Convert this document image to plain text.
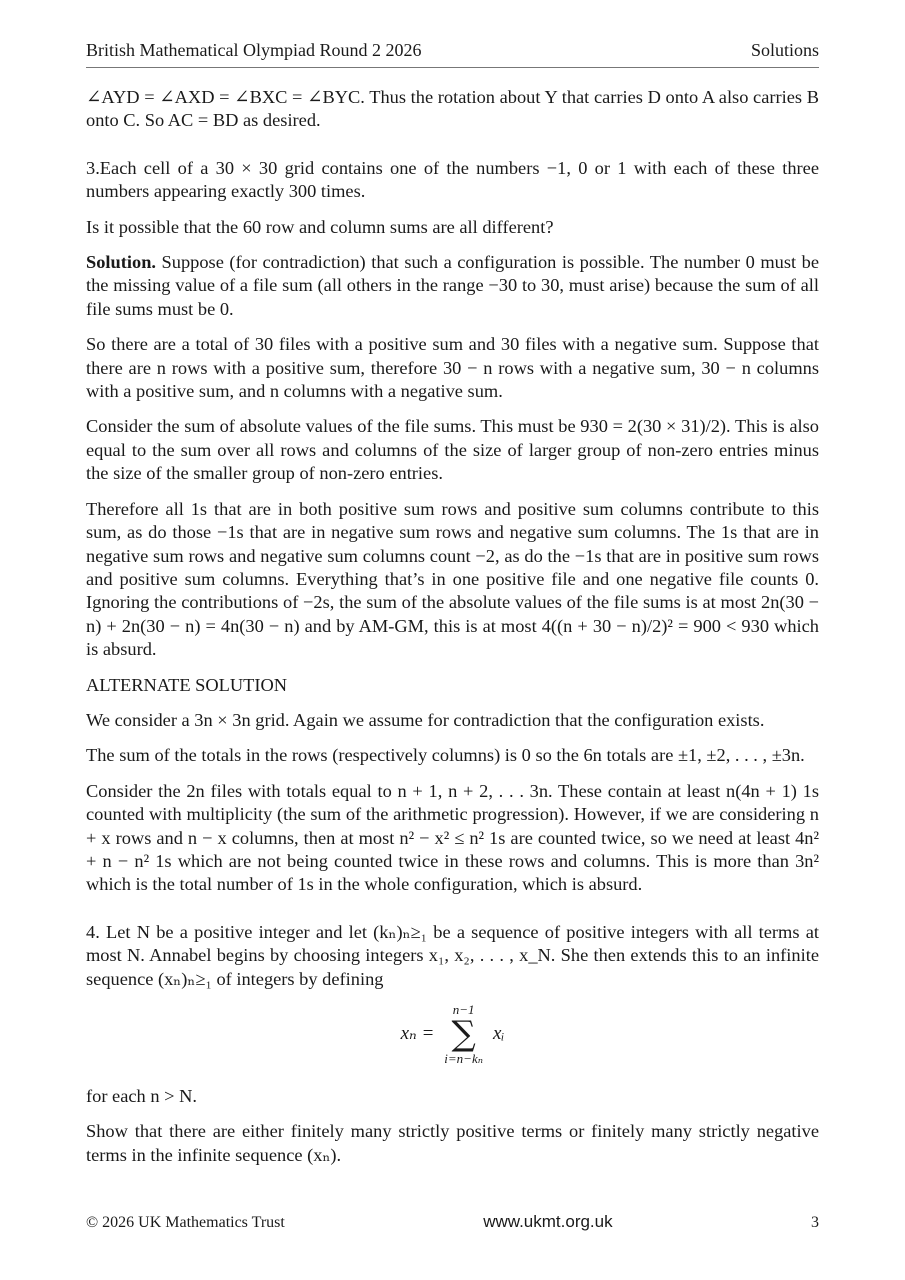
British Mathematical Olympiad Round 2 2026	Solutions

∠AYD = ∠AXD = ∠BXC = ∠BYC. Thus the rotation about Y that carries D onto A also carries B onto C. So AC = BD as desired.

3.Each cell of a 30 × 30 grid contains one of the numbers −1, 0 or 1 with each of these three numbers appearing exactly 300 times.

Is it possible that the 60 row and column sums are all different?

Solution. Suppose (for contradiction) that such a configuration is possible. The number 0 must be the missing value of a file sum (all others in the range −30 to 30, must arise) because the sum of all file sums must be 0.

So there are a total of 30 files with a positive sum and 30 files with a negative sum. Suppose that there are n rows with a positive sum, therefore 30 − n rows with a negative sum, 30 − n columns with a positive sum, and n columns with a negative sum.

Consider the sum of absolute values of the file sums. This must be 930 = 2(30 × 31)/2). This is also equal to the sum over all rows and columns of the size of larger group of non-zero entries minus the size of the smaller group of non-zero entries.

Therefore all 1s that are in both positive sum rows and positive sum columns contribute to this sum, as do those −1s that are in negative sum rows and negative sum columns. The 1s that are in negative sum rows and negative sum columns count −2, as do the −1s that are in positive sum rows and positive sum columns. Everything that’s in one positive file and one negative file counts 0. Ignoring the contributions of −2s, the sum of the absolute values of the file sums is at most 2n(30 − n) + 2n(30 − n) = 4n(30 − n) and by AM-GM, this is at most 4((n + 30 − n)/2)² = 900 < 930 which is absurd.

ALTERNATE SOLUTION

We consider a 3n × 3n grid. Again we assume for contradiction that the configuration exists.

The sum of the totals in the rows (respectively columns) is 0 so the 6n totals are ±1, ±2, . . . , ±3n.

Consider the 2n files with totals equal to n + 1, n + 2, . . . 3n. These contain at least n(4n + 1) 1s counted with multiplicity (the sum of the arithmetic progression). However, if we are considering n + x rows and n − x columns, then at most n² − x² ≤ n² 1s are counted twice, so we need at least 4n² + n − n² 1s which are not being counted twice in these rows and columns. This is more than 3n² which is the total number of 1s in the whole configuration, which is absurd.

4. Let N be a positive integer and let (kₙ)ₙ≥₁ be a sequence of positive integers with all terms at most N. Annabel begins by choosing integers x₁, x₂, . . . , x_N. She then extends this to an infinite sequence (xₙ)ₙ≥₁ of integers by defining

xₙ =
n−1
∑
i=n−kₙ
xᵢ

for each n > N.

Show that there are either finitely many strictly positive terms or finitely many strictly negative terms in the infinite sequence (xₙ).

© 2026 UK Mathematics Trust	www.ukmt.org.uk	3
